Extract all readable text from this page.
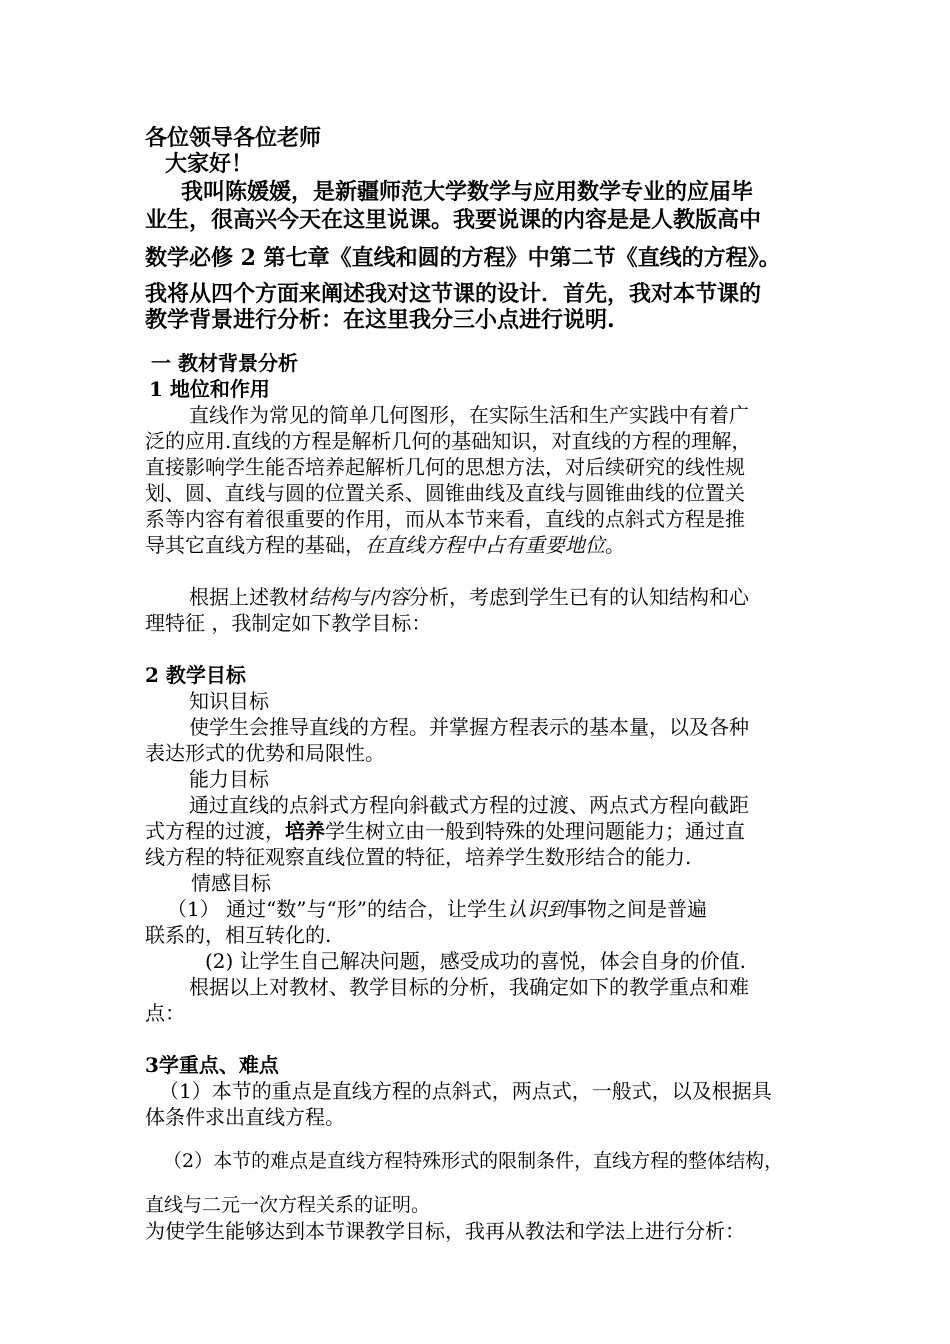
各位领导各位老师
大家好！
我叫陈媛媛，是新疆师范大学数学与应用数学专业的应届毕
业生，很高兴今天在这里说课。我要说课的内容是是人教版高中
数学必修 2 第七章《直线和圆的方程》中第二节《直线的方程》。
我将从四个方面来阐述我对这节课的设计．首先，我对本节课的
教学背景进行分析：在这里我分三小点进行说明.
一 教材背景分析
1 地位和作用
直线作为常见的简单几何图形，在实际生活和生产实践中有着广
泛的应用.直线的方程是解析几何的基础知识，对直线的方程的理解，
直接影响学生能否培养起解析几何的思想方法，对后续研究的线性规
划、圆、直线与圆的位置关系、圆锥曲线及直线与圆锥曲线的位置关
系等内容有着很重要的作用，而从本节来看，直线的点斜式方程是推
导其它直线方程的基础，在直线方程中占有重要地位。
根据上述教材结构与内容分析，考虑到学生已有的认知结构和心
理特征 ，我制定如下教学目标：
2 教学目标
知识目标
使学生会推导直线的方程。并掌握方程表示的基本量，以及各种
表达形式的优势和局限性。
能力目标
通过直线的点斜式方程向斜截式方程的过渡、两点式方程向截距
式方程的过渡，培养学生树立由一般到特殊的处理问题能力；通过直
线方程的特征观察直线位置的特征，培养学生数形结合的能力.
情感目标
（1） 通过“数”与“形”的结合，让学生认识到事物之间是普遍
联系的，相互转化的.
(2) 让学生自己解决问题，感受成功的喜悦，体会自身的价值.
根据以上对教材、教学目标的分析，我确定如下的教学重点和难
点：
3学重点、难点
（1）本节的重点是直线方程的点斜式，两点式，一般式，以及根据具
体条件求出直线方程。
（2）本节的难点是直线方程特殊形式的限制条件，直线方程的整体结构，
直线与二元一次方程关系的证明。
为使学生能够达到本节课教学目标，我再从教法和学法上进行分析：
